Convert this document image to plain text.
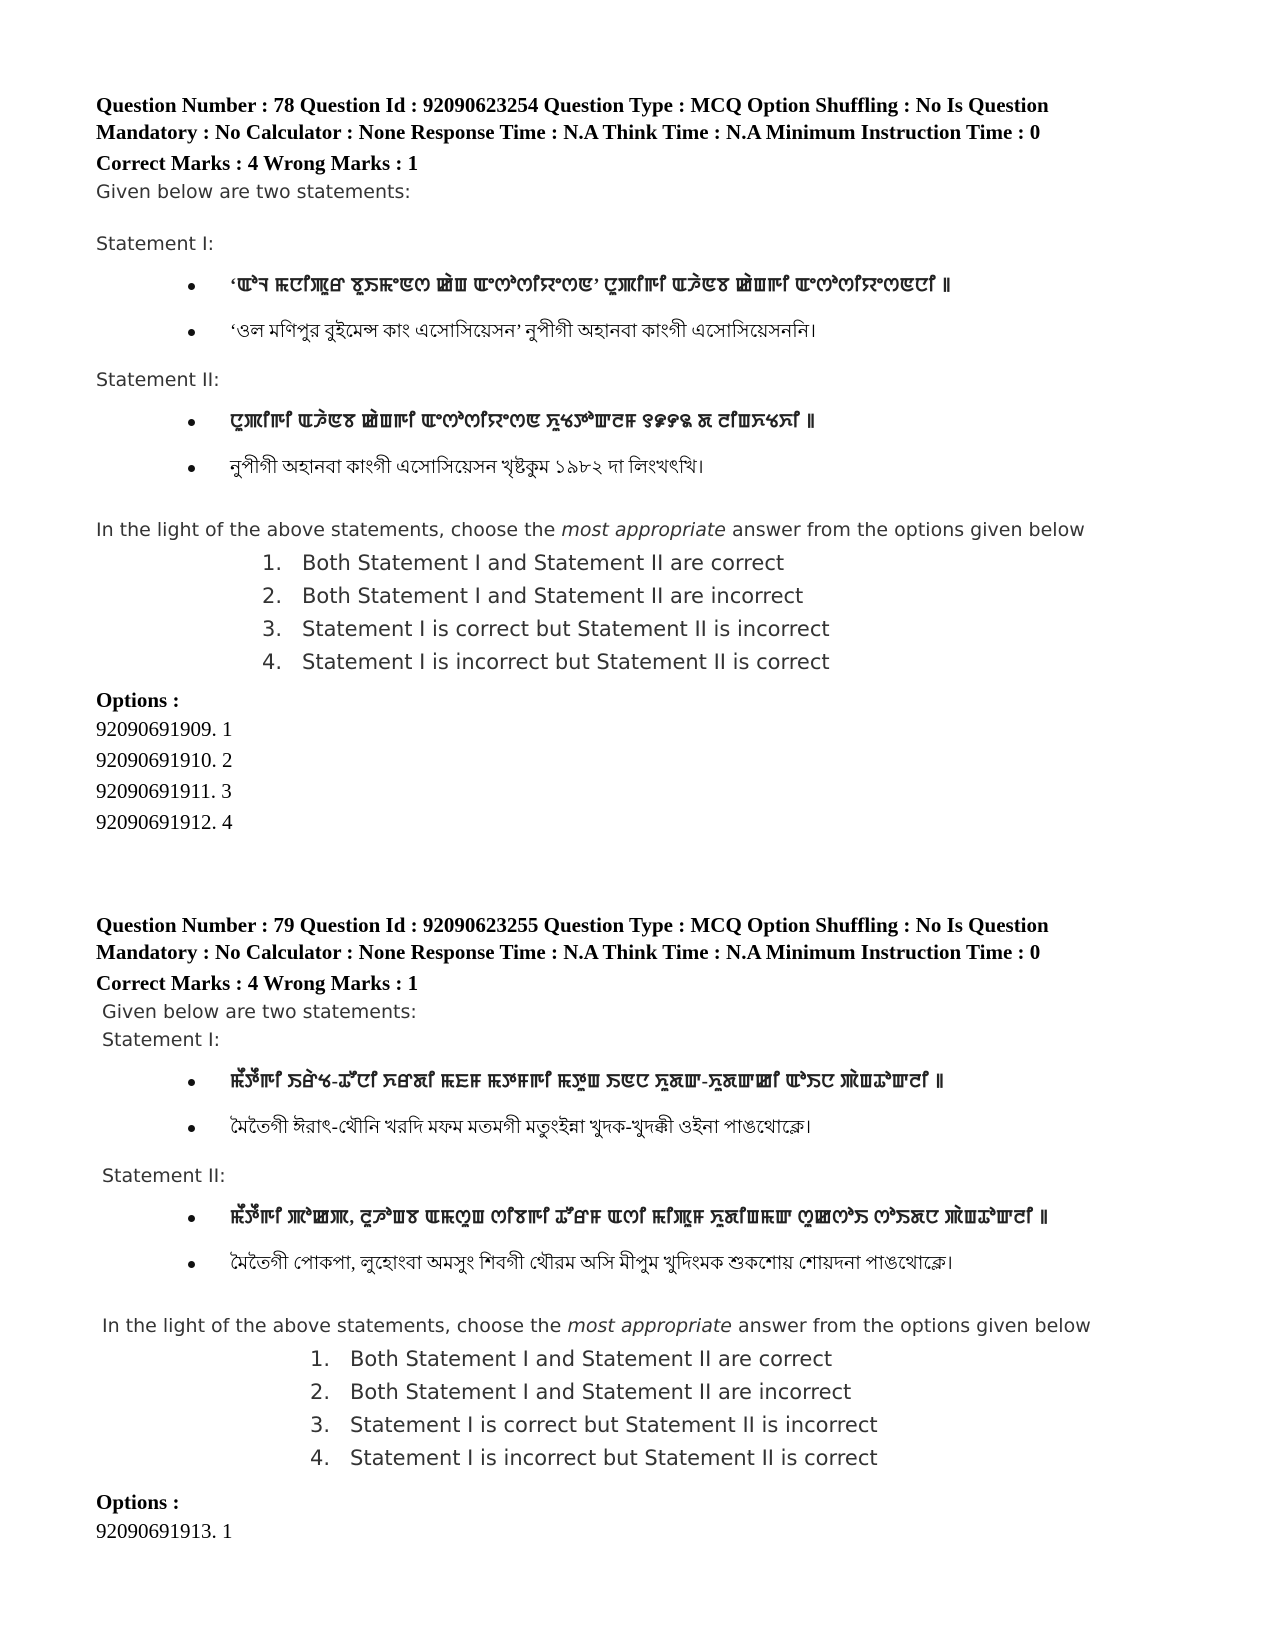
Question Number : 78 Question Id : 92090623254 Question Type : MCQ Option Shuffling : No Is Question
Mandatory : No Calculator : None Response Time : N.A Think Time : N.A Minimum Instruction Time : 0
Correct Marks : 4 Wrong Marks : 1
Given below are two statements:
Statement I:
‘ꯑꯣꯜ ꯃꯅꯤꯄꯨꯔ ꯕꯨꯏꯃꯦꯟꯁ ꯀꯥꯡ ꯑꯦꯁꯣꯁꯤꯌꯦꯁꯟ’ ꯅꯨꯄꯤꯒꯤ ꯑꯍꯥꯟꯕ ꯀꯥꯡꯒꯤ ꯑꯦꯁꯣꯁꯤꯌꯦꯁꯟꯅꯤ ꯫
‘ওল মণিপুর বুইমেন্স কাং এসোসিয়েসন’ নুপীগী অহানবা কাংগী এসোসিয়েসননি।
Statement II:
ꯅꯨꯄꯤꯒꯤ ꯑꯍꯥꯟꯕ ꯀꯥꯡꯒꯤ ꯑꯦꯁꯣꯁꯤꯌꯦꯁꯟ ꯈꯨꯠꯇꯣꯛꯂꯝ ꯱꯹꯸꯲ ꯗ ꯂꯤꯡꯈꯠꯈꯤ ꯫
নুপীগী অহানবা কাংগী এসোসিয়েসন খৃষ্টকুম ১৯৮২ দা লিংখৎখি।
In the light of the above statements, choose the most appropriate answer from the options given below
1. Both Statement I and Statement II are correct
2. Both Statement I and Statement II are incorrect
3. Statement I is correct but Statement II is incorrect
4. Statement I is incorrect but Statement II is correct
Options :
92090691909. 1
92090691910. 2
92090691911. 3
92090691912. 4
Question Number : 79 Question Id : 92090623255 Question Type : MCQ Option Shuffling : No Is Question
Mandatory : No Calculator : None Response Time : N.A Think Time : N.A Minimum Instruction Time : 0
Correct Marks : 4 Wrong Marks : 1
Given below are two statements:
Statement I:
ꯃꯩꯇꯩꯒꯤ ꯏꯔꯥꯠ-ꯊꯧꯅꯤ ꯈꯔꯗꯤ ꯃꯐꯝ ꯃꯇꯝꯒꯤ ꯃꯇꯨꯡ ꯏꯟꯅ ꯈꯨꯗꯛ-ꯈꯨꯗꯛꯀꯤ ꯑꯣꯏꯅ ꯄꯥꯡꯊꯣꯛꯂꯤ ꯫
মৈতৈগী ঈরাৎ-থৌনি খরদি মফম মতমগী মতুংইন্না খুদক-খুদক্কী ওইনা পাঙথোক্লে।
Statement II:
ꯃꯩꯇꯩꯒꯤ ꯄꯣꯀꯄ, ꯂꯨꯍꯣꯡꯕ ꯑꯃꯁꯨꯡ ꯁꯤꯕꯒꯤ ꯊꯧꯔꯝ ꯑꯁꯤ ꯃꯤꯄꯨꯝ ꯈꯨꯗꯤꯡꯃꯛ ꯁꯨꯀꯁꯣꯏ ꯁꯣꯏꯗꯅ ꯄꯥꯡꯊꯣꯛꯂꯤ ꯫
মৈতৈগী পোকপা, লুহোংবা অমসুং শিবগী থৌরম অসি মীপুম খুদিংমক শুকশোয় শোয়দনা পাঙথোক্লে।
In the light of the above statements, choose the most appropriate answer from the options given below
1. Both Statement I and Statement II are correct
2. Both Statement I and Statement II are incorrect
3. Statement I is correct but Statement II is incorrect
4. Statement I is incorrect but Statement II is correct
Options :
92090691913. 1
